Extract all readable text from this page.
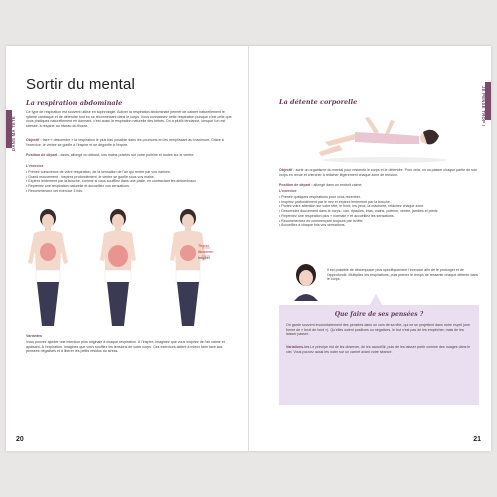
DANS MA TÊTE
Sortir du mental
La respiration abdominale

Ce type de respiration est souvent utilisé en sophrologie. Activer la respiration abdominale permet de calmer naturellement le rythme cardiaque et de détendre tout en se reconnectant dans le corps. Vous connaissez cette respiration puisque c'est celle que vous pratiquez naturellement en dormant, c'est aussi la respiration naturelle des bébés. On a plutôt tendance, lorsque l'on est stressé, à respirer au niveau du thorax.

Objectif : faire « descendre » la respiration le plus bas possible dans les poumons en les remplissant au maximum. Grâce à l'exercice, le ventre se gonfle à l'inspire et se dégonfle à l'expire.

Position de départ : assis, allongé ou debout, vos mains posées sur votre poitrine et toutes sur le ventre.

L'exercice

• Prenez conscience de votre respiration, de la sensation de l'air qui rentre par vos narines.

• Grand mouvement : inspirez profondément, le ventre se gonfle sous vos mains.

• Expirez lentement par la bouche, comme si vous souffliez dans une paille, en contractant les abdominaux.

• Reprenez une respiration naturelle et accueillez vos sensations.

• Recommencez cet exercice 3 fois.

Thorax
Abdomen
Inspirer

Variantes

Vous pouvez ajouter une intention plus originale à chaque respiration. À l'inspire, imaginez que vous inspirez de l'air calme et apaisant. À l'expiration, imaginez que vous soufflez les tensions de votre corps. Ces exercices aident à mieux faire face aux pensées négatives et à libérer les petits résidus du stress.

20
JE PENSE TROP !
La détente corporelle

Objectif : sortir un organisme du mental pour ressentir le corps et le détendre. Pour cela, on va passer chaque partie de son corps en revue et chercher à relâcher légèrement chaque zone de tension.

Position de départ : allongé dans un endroit calme.

L'exercice

• Prenez quelques respirations pour vous recentrer.

• Inspirez profondément par le nez et expirez lentement par la bouche.

• Portez votre attention sur votre tête, le front, les yeux, la mâchoire, relâchez chaque zone.

• Descendez doucement dans le corps : cou, épaules, bras, mains, poitrine, ventre, jambes et pieds.

• Reprenez une respiration plus « normale » et accueillez les sensations.

• Recommencez en commençant toujours par la tête.

• Accueillez à chaque fois vos sensations.

Il est possible de décomposer plus spécifiquement l'exercice afin de le prolonger et de l'approfondir. Multipliez les respirations, puis prenez le temps de ressentir chaque détente dans le corps.

Que faire de ses pensées ?

On garde souvent involontairement des pensées dans un coin de sa tête, qui ne se projettent dans notre esprit (une forme de « bruit de fond »). Qu'elles soient positives ou négatives, le but n'est pas de les empêcher, mais de les laisser passer.

Variations-les Le principe est de les observer, de les accueillir, puis de les laisser partir comme des nuages dans le ciel. Vous pouvez aussi les noter sur un carnet avant votre séance.

21
